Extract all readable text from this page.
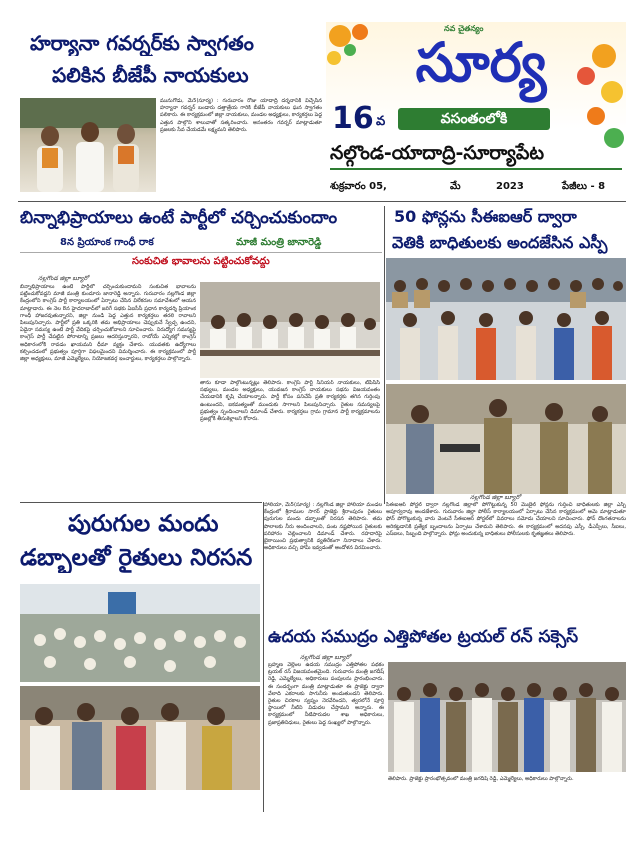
హర్యానా గవర్నర్‌కు స్వాగతం
పలికిన బీజేపీ నాయకులు
మునుగోడు, మే5(సూర్య) : గురువారం రోజు యాదాద్రి దర్శనానికి విచ్చేసిన హర్యానా గవర్నర్ బండారు దత్తాత్రేయ గారికి బీజేపీ నాయకులు ఘన స్వాగతం పలికారు. ఈ కార్యక్రమంలో జిల్లా నాయకులు, మండల అధ్యక్షులు, కార్యకర్తలు పెద్ద ఎత్తున పాల్గొని శాలువాతో సత్కరించారు. అనంతరం గవర్నర్ మాట్లాడుతూ ప్రజలకు సేవ చేయడమే లక్ష్యమని తెలిపారు.
నవ చైతన్యం
సూర్య
16 వ	వసంతంలోకి
నల్గొండ-యాదాద్రి-సూర్యాపేట
శుక్రవారం 05,	మే	2023	పేజీలు - 8
బిన్నాభిప్రాయాలు ఉంటే పార్టీలో చర్చించుకుందాం
8న ప్రియాంక గాంధీ రాక	మాజీ మంత్రి జానారెడ్డి
సంకుచిత భావాలను పట్టించుకోవద్దు
నల్లగొండ జిల్లా బ్యూరో
బిన్నాభిప్రాయాలు ఉంటే పార్టీలో చర్చించుకుందామని సంకుచిత భావాలను పట్టించుకోవద్దని మాజీ మంత్రి కుందూరు జానారెడ్డి అన్నారు. గురువారం నల్లగొండ జిల్లా కేంద్రంలోని కాంగ్రెస్ పార్టీ కార్యాలయంలో ఏర్పాటు చేసిన విలేకరుల సమావేశంలో ఆయన మాట్లాడారు. ఈ నెల 8న హైదరాబాద్‌లో జరిగే సభకు ఏఐసీసీ ప్రధాన కార్యదర్శి ప్రియాంక గాంధీ హాజరవుతున్నారని, జిల్లా నుండి పెద్ద ఎత్తున కార్యకర్తలు తరలి రావాలని పిలుపునిచ్చారు. పార్టీలో ప్రతి ఒక్కరికి తమ అభిప్రాయాలు చెప్పుకునే స్వేచ్ఛ ఉందని, ఏదైనా సమస్య ఉంటే పార్టీ వేదికపై చర్చించుకోవాలని సూచించారు. నిరుద్యోగ సమస్యపై కాంగ్రెస్ పార్టీ చేపట్టిన పోరాటాన్ని ప్రజలు ఆదరిస్తున్నారని, రాబోయే ఎన్నికల్లో కాంగ్రెస్ అధికారంలోకి రావడం ఖాయమని ధీమా వ్యక్తం చేశారు. యువతకు ఉద్యోగాలు కల్పించడంలో ప్రభుత్వం పూర్తిగా విఫలమైందని విమర్శించారు. ఈ కార్యక్రమంలో పార్టీ జిల్లా అధ్యక్షులు, మాజీ ఎమ్మెల్యేలు, నియోజకవర్గ ఇంచార్జులు, కార్యకర్తలు పాల్గొన్నారు.
తాను కూడా పాల్గొంటున్నట్లు తెలిపారు. కాంగ్రెస్ పార్టీ సీనియర్ నాయకులు, టీపీసీసీ సభ్యులు, మండల అధ్యక్షులు, యువజన కాంగ్రెస్ నాయకులు సభను విజయవంతం చేయడానికి కృషి చేయాలన్నారు. పార్టీ కోసం పనిచేసే ప్రతి కార్యకర్తకు తగిన గుర్తింపు ఉంటుందని, ఐకమత్యంతో ముందుకు సాగాలని పిలుపునిచ్చారు. రైతుల సమస్యలపై ప్రభుత్వం స్పందించాలని డిమాండ్ చేశారు. కార్యకర్తలు గ్రామ గ్రామాన పార్టీ కార్యక్రమాలను ప్రజల్లోకి తీసుకెళ్లాలని కోరారు.
50 ఫోన్లను సీఈఐఆర్ ద్వారా
వెతికి బాధితులకు అందజేసిన ఎస్పీ
నల్లగొండ జిల్లా బ్యూరో
సీఈఐఆర్ పోర్టల్ ద్వారా నల్లగొండ జిల్లాలో పోగొట్టుకున్న 50 మొబైల్ ఫోన్లను గుర్తించి బాధితులకు జిల్లా ఎస్పీ అపూర్వరావు అందజేశారు. గురువారం జిల్లా పోలీస్ కార్యాలయంలో ఏర్పాటు చేసిన కార్యక్రమంలో ఆమె మాట్లాడుతూ ఫోన్ పోగొట్టుకున్న వారు వెంటనే సీఈఐఆర్ పోర్టల్‌లో వివరాలు నమోదు చేయాలని సూచించారు. ఫోన్ దొంగతనాలను అరికట్టడానికి ప్రత్యేక బృందాలను ఏర్పాటు చేశామని తెలిపారు. ఈ కార్యక్రమంలో అదనపు ఎస్పీ, డీఎస్పీలు, సీఐలు, ఎస్ఐలు, సిబ్బంది పాల్గొన్నారు. ఫోన్లు అందుకున్న బాధితులు పోలీసులకు కృతజ్ఞతలు తెలిపారు.
పురుగుల మందు
డబ్బాలతో రైతులు నిరసన
హాలియా, మే5(సూర్య) : నల్లగొండ జిల్లా హాలియా మండల కేంద్రంలో శ్రీరాముల సాగర్ ప్రాజెక్టు శ్రీరాంపురం రైతులు పురుగుల మందు డబ్బాలతో నిరసన తెలిపారు. తమ పొలాలకు నీరు అందించాలని, పంట నష్టపోయిన రైతులకు పరిహారం చెల్లించాలని డిమాండ్ చేశారు. రహదారిపై బైఠాయించి ప్రభుత్వానికి వ్యతిరేకంగా నినాదాలు చేశారు. అధికారులు వచ్చి హామీ ఇవ్వడంతో ఆందోళన విరమించారు.
ఉదయ సముద్రం ఎత్తిపోతల ట్రయల్ రన్ సక్సెస్
నల్లగొండ జిల్లా బ్యూరో
బ్రహ్మణ వెల్లెంల ఉదయ సముద్రం ఎత్తిపోతల పథకం ట్రయల్ రన్ విజయవంతమైంది. గురువారం మంత్రి జగదీష్ రెడ్డి, ఎమ్మెల్యేలు, అధికారులు పంపులను ప్రారంభించారు. ఈ సందర్భంగా మంత్రి మాట్లాడుతూ ఈ ప్రాజెక్టు ద్వారా వేలాది ఎకరాలకు సాగునీరు అందుతుందని తెలిపారు. రైతుల చిరకాల స్వప్నం నెరవేరిందని, త్వరలోనే పూర్తి స్థాయిలో నీటిని విడుదల చేస్తామని అన్నారు. ఈ కార్యక్రమంలో నీటిపారుదల శాఖ అధికారులు, ప్రజాప్రతినిధులు, రైతులు పెద్ద సంఖ్యలో పాల్గొన్నారు.
తెలిపారు. ప్రాజెక్టు ప్రారంభోత్సవంలో మంత్రి జగదీష్ రెడ్డి, ఎమ్మెల్యేలు, అధికారులు పాల్గొన్నారు.
